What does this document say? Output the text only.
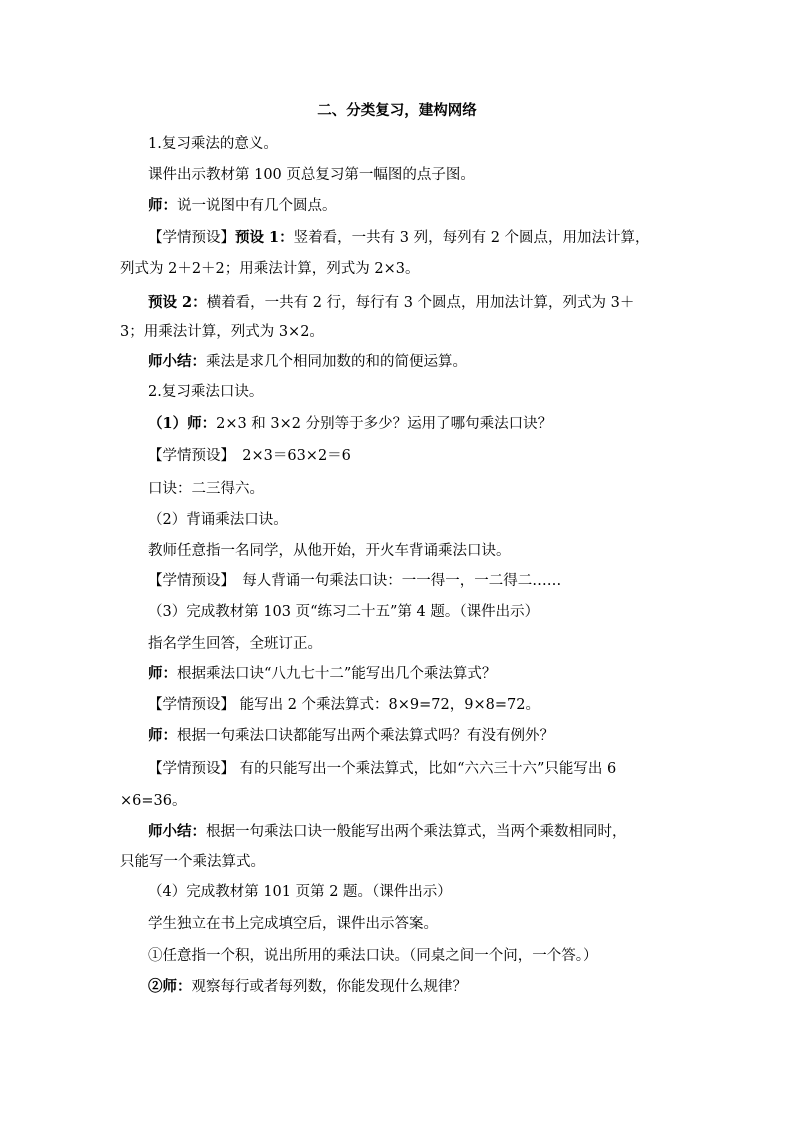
二、分类复习，建构网络
1.复习乘法的意义。
课件出示教材第 100 页总复习第一幅图的点子图。
师：说一说图中有几个圆点。
【学情预设】预设 1：竖着看，一共有 3 列，每列有 2 个圆点，用加法计算，
列式为 2＋2＋2；用乘法计算，列式为 2×3。
预设 2：横着看，一共有 2 行，每行有 3 个圆点，用加法计算，列式为 3＋
3；用乘法计算，列式为 3×2。
师小结：乘法是求几个相同加数的和的简便运算。
2.复习乘法口诀。
（1）师：2×3 和 3×2 分别等于多少？运用了哪句乘法口诀？
【学情预设】　2×3＝63×2＝6
口诀：二三得六。
（2）背诵乘法口诀。
教师任意指一名同学，从他开始，开火车背诵乘法口诀。
【学情预设】　每人背诵一句乘法口诀：一一得一，一二得二……
（3）完成教材第 103 页“练习二十五”第 4 题。（课件出示）
指名学生回答，全班订正。
师：根据乘法口诀“八九七十二”能写出几个乘法算式？
【学情预设】 能写出 2 个乘法算式：8×9=72，9×8=72。
师：根据一句乘法口诀都能写出两个乘法算式吗？有没有例外？
【学情预设】 有的只能写出一个乘法算式，比如“六六三十六”只能写出 6
×6=36。
师小结：根据一句乘法口诀一般能写出两个乘法算式，当两个乘数相同时，
只能写一个乘法算式。
（4）完成教材第 101 页第 2 题。（课件出示）
学生独立在书上完成填空后，课件出示答案。
①任意指一个积，说出所用的乘法口诀。（同桌之间一个问，一个答。）
②师：观察每行或者每列数，你能发现什么规律？
